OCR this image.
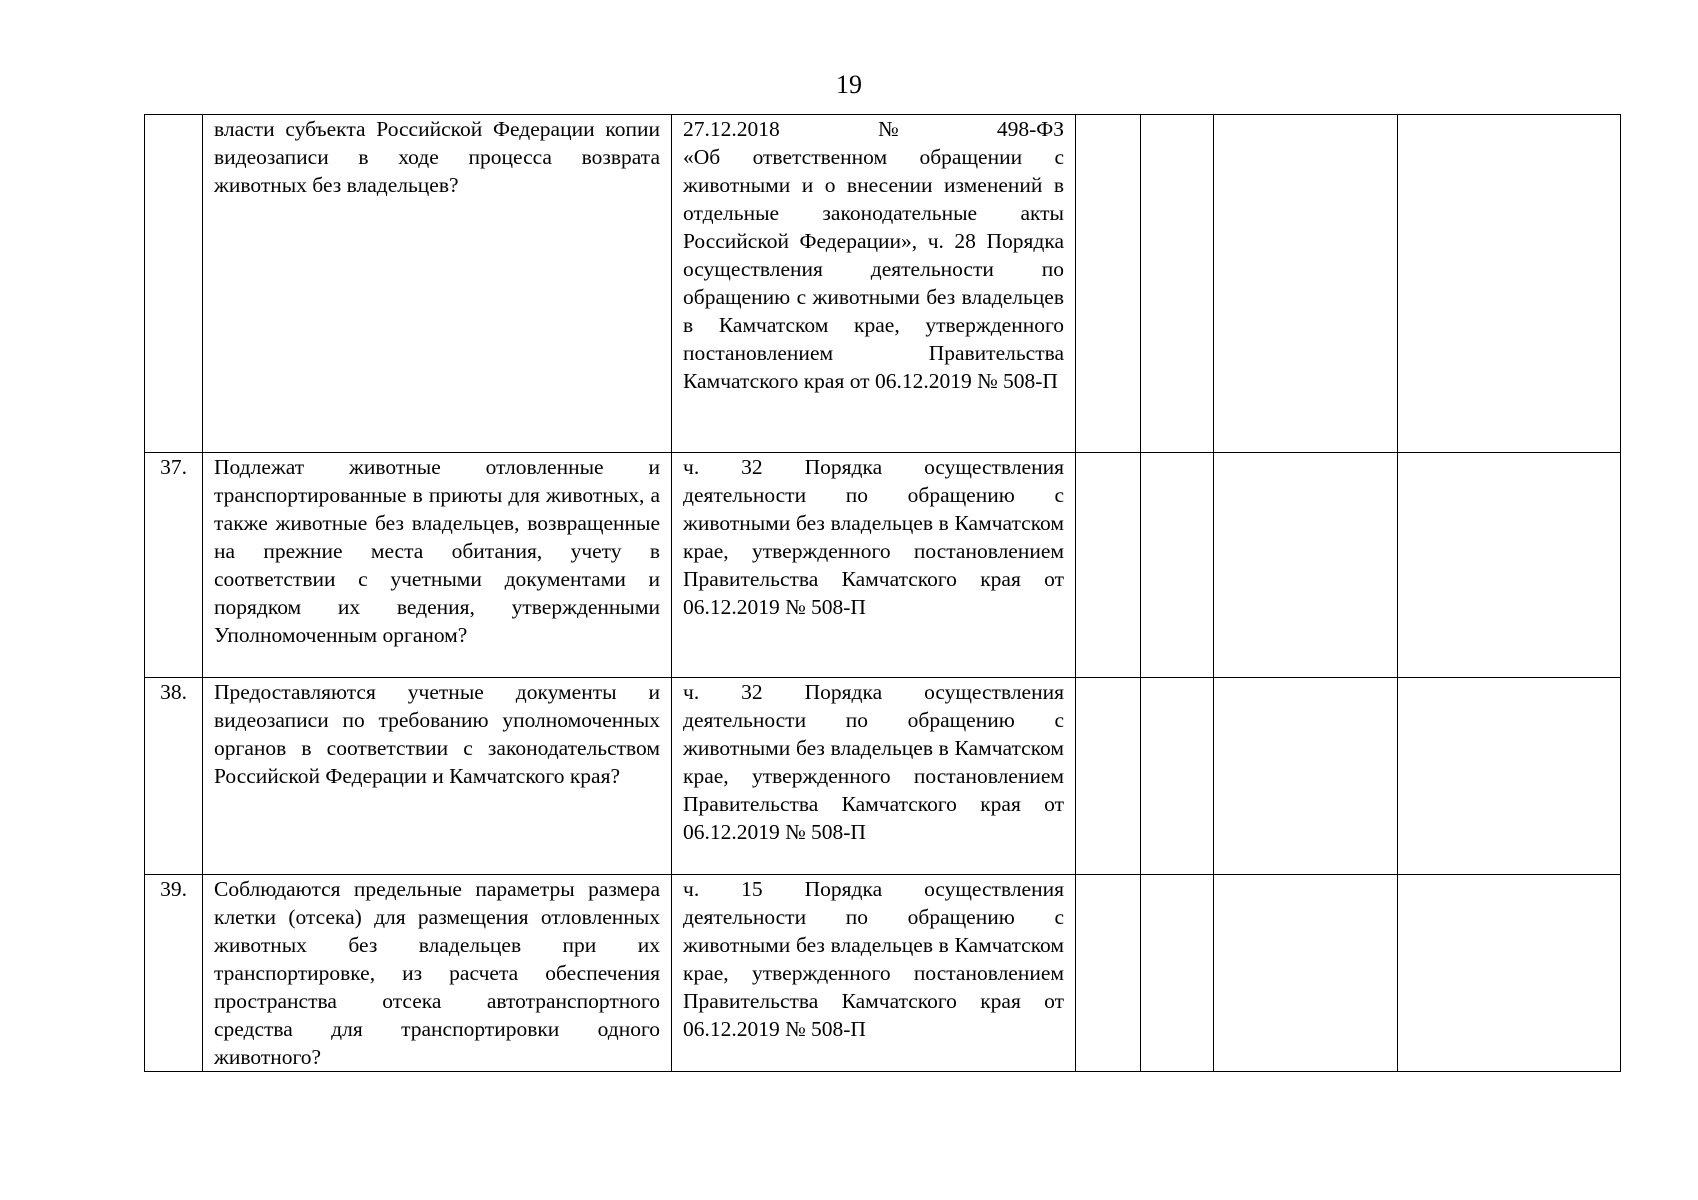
19
	власти субъекта Российской Федерации копии видеозаписи в ходе процесса возврата животных без владельцев?	27.12.2018 № 498-ФЗ
«Об ответственном обращении с животными и о внесении изменений в отдельные законодательные акты Российской Федерации», ч. 28 Порядка осуществления деятельности по обращению с животными без владельцев в Камчатском крае, утвержденного постановлением Правительства Камчатского края от 06.12.2019 № 508-П				

37.	Подлежат животные отловленные и транспортированные в приюты для животных, а также животные без владельцев, возвращенные на прежние места обитания, учету в соответствии с учетными документами и порядком их ведения, утвержденными Уполномоченным органом?	ч. 32 Порядка осуществления деятельности по обращению с животными без владельцев в Камчатском крае, утвержденного постановлением Правительства Камчатского края от 06.12.2019 № 508-П				
38.	Предоставляются учетные документы и видеозаписи по требованию уполномоченных органов в соответствии с законодательством Российской Федерации и Камчатского края?	ч. 32 Порядка осуществления деятельности по обращению с животными без владельцев в Камчатском крае, утвержденного постановлением Правительства Камчатского края от 06.12.2019 № 508-П				
39.	Соблюдаются предельные параметры размера клетки (отсека) для размещения отловленных животных без владельцев при их транспортировке, из расчета обеспечения пространства отсека автотранспортного средства для транспортировки одного животного?	ч. 15 Порядка осуществления деятельности по обращению с животными без владельцев в Камчатском крае, утвержденного постановлением Правительства Камчатского края от 06.12.2019 № 508-П				
